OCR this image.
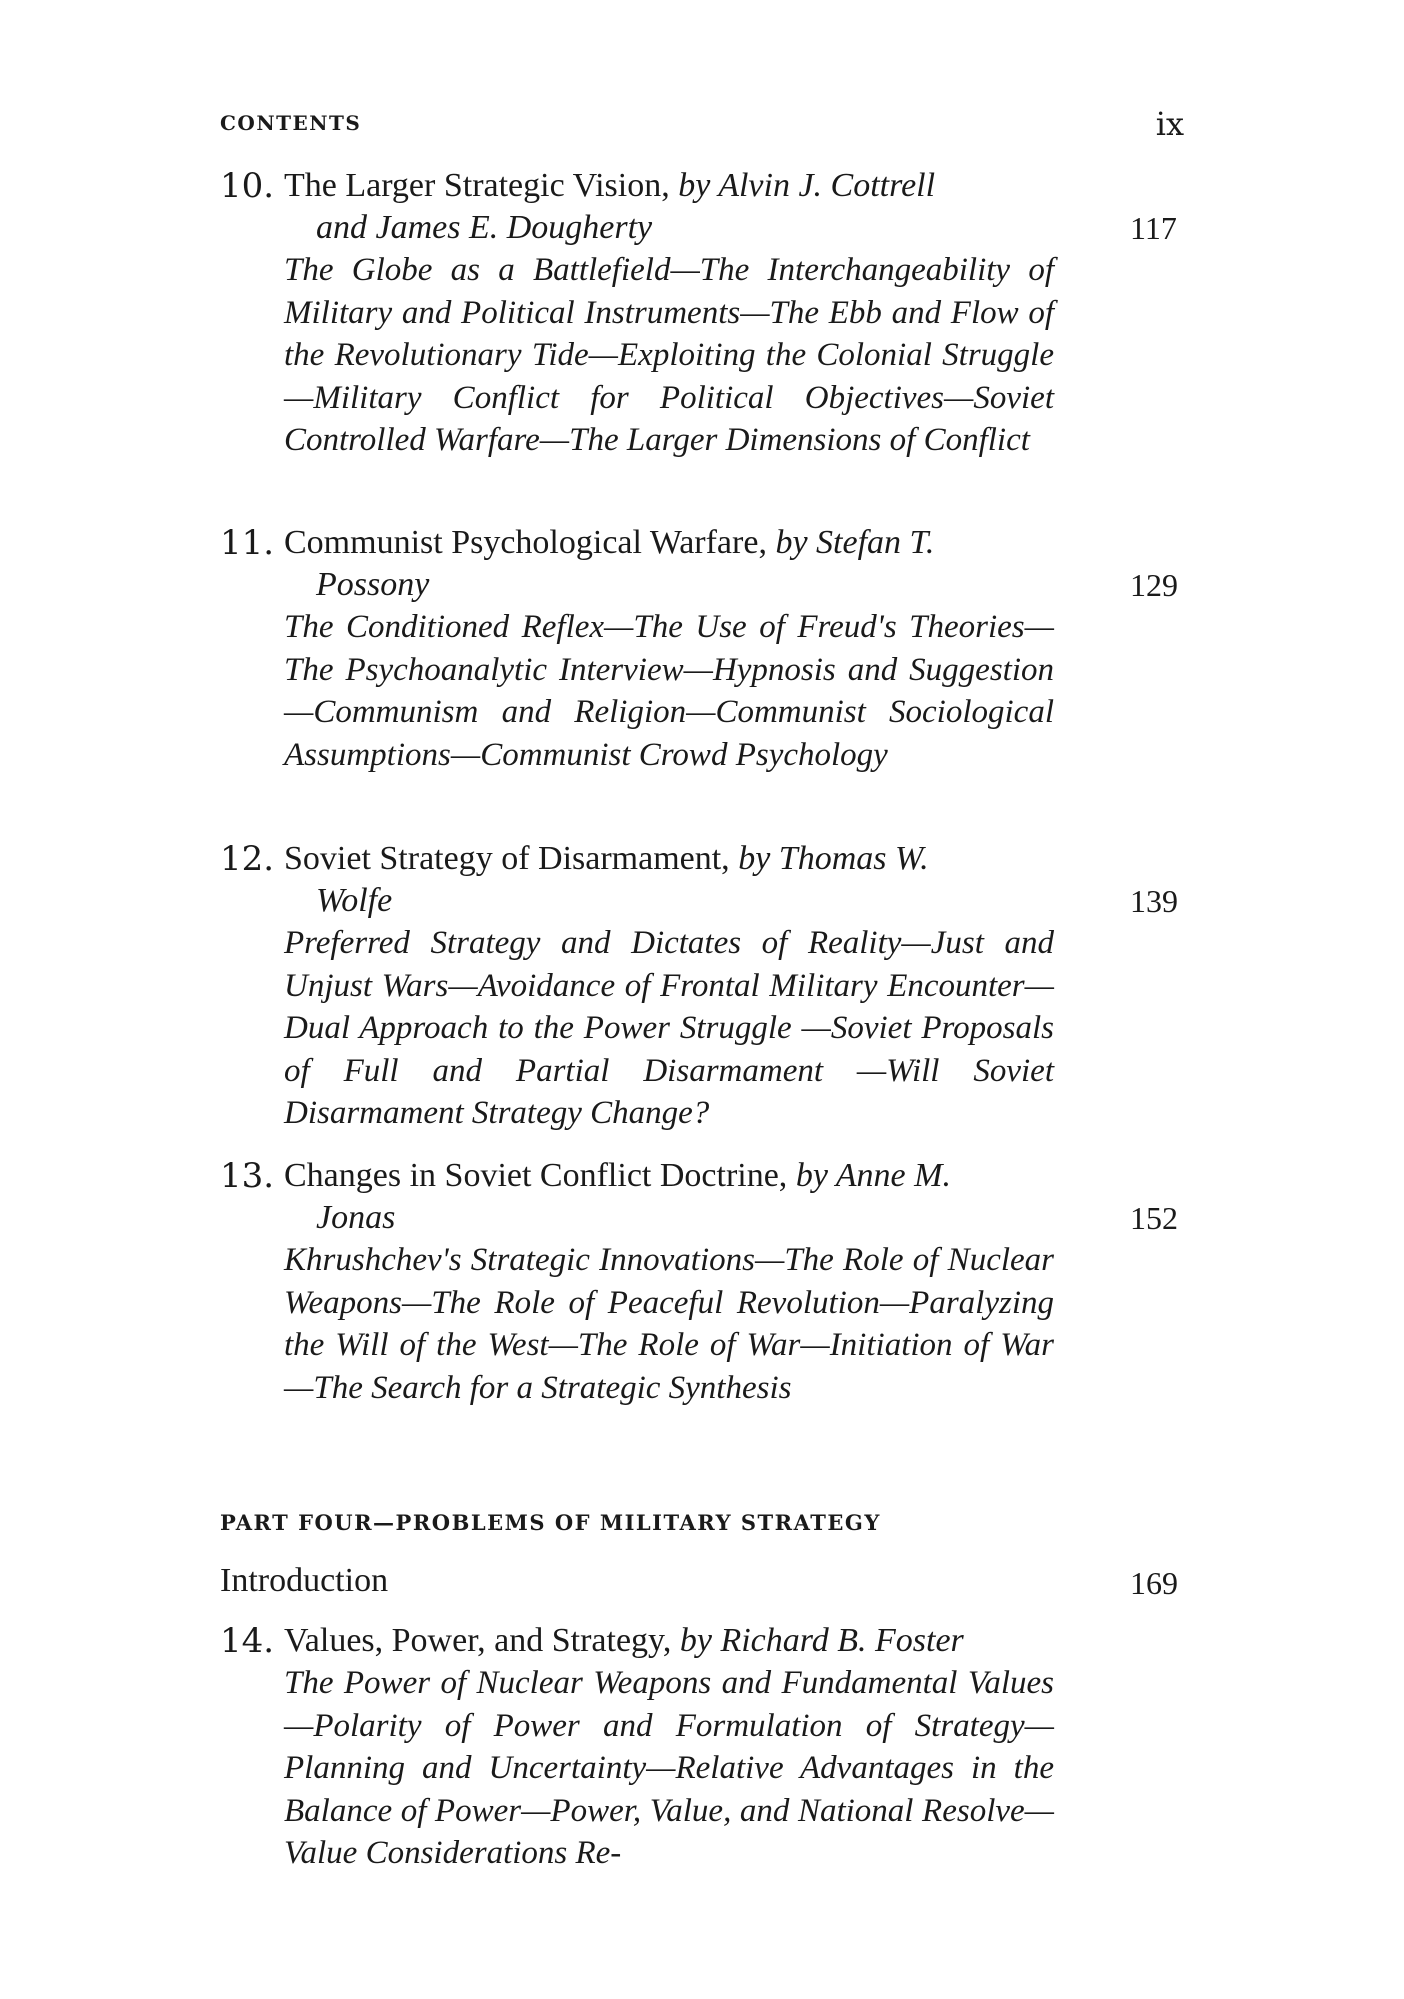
CONTENTS	ix
10. The Larger Strategic Vision, by Alvin J. Cottrell
and James E. Dougherty

The Globe as a Battlefield—The Interchangeability of Military and Political Instruments—The Ebb and Flow of the Revolutionary Tide—Exploiting the Colonial Struggle—Military Conflict for Political Objectives—Soviet Controlled Warfare—The Larger Dimensions of Conflict

117
11. Communist Psychological Warfare, by Stefan T.
Possony

The Conditioned Reflex—The Use of Freud's Theories—The Psychoanalytic Interview—Hypnosis and Suggestion—Communism and Religion—Communist Sociological Assumptions—Communist Crowd Psychology

129
12. Soviet Strategy of Disarmament, by Thomas W.
Wolfe

Preferred Strategy and Dictates of Reality—Just and Unjust Wars—Avoidance of Frontal Military Encounter—Dual Approach to the Power Struggle —Soviet Proposals of Full and Partial Disarmament —Will Soviet Disarmament Strategy Change?

139
13. Changes in Soviet Conflict Doctrine, by Anne M.
Jonas

Khrushchev's Strategic Innovations—The Role of Nuclear Weapons—The Role of Peaceful Revolution—Paralyzing the Will of the West—The Role of War—Initiation of War—The Search for a Strategic Synthesis

152
PART FOUR—PROBLEMS OF MILITARY STRATEGY
Introduction	169
14. Values, Power, and Strategy, by Richard B. Foster

The Power of Nuclear Weapons and Fundamental Values—Polarity of Power and Formulation of Strategy—Planning and Uncertainty—Relative Advantages in the Balance of Power—Power, Value, and National Resolve—Value Considerations Re-
